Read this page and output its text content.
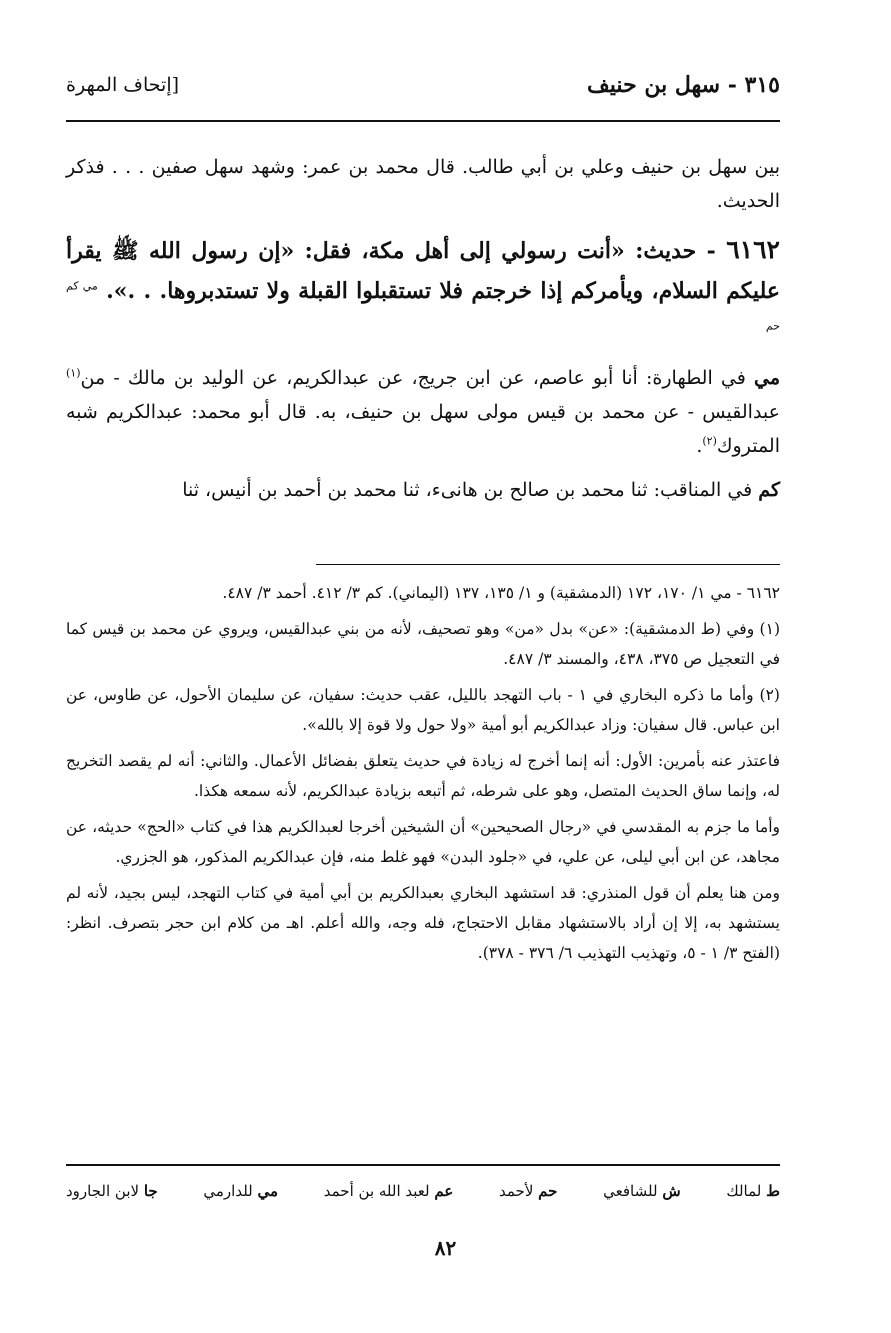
٣١٥ - سهل بن حنيف
[إتحاف المهرة

بين سهل بن حنيف وعلي بن أبي طالب. قال محمد بن عمر: وشهد سهل صفين . . . فذكر الحديث.

٦١٦٢ - حديث: «أنت رسولي إلى أهل مكة، فقل: «إن رسول الله ﷺ يقرأ عليكم السلام، ويأمركم إذا خرجتم فلا تستقبلوا القبلة ولا تستدبروها. . .». $^{مي كم حم}$

مي في الطهارة: أنا أبو عاصم، عن ابن جريج، عن عبدالكريم، عن الوليد بن مالك - من$^{(١)}$ عبدالقيس - عن محمد بن قيس مولى سهل بن حنيف، به. قال أبو محمد: عبدالكريم شبه المتروك$^{(٢)}$.

كم في المناقب: ثنا محمد بن صالح بن هانىء، ثنا محمد بن أحمد بن أنيس، ثنا

٦١٦٢ - مي ١/ ١٧٠، ١٧٢ (الدمشقية) و ١/ ١٣٥، ١٣٧ (اليماني). كم ٣/ ٤١٢. أحمد ٣/ ٤٨٧.

(١) وفي (ط الدمشقية): «عن» بدل «من» وهو تصحيف، لأنه من بني عبدالقيس، ويروي عن محمد بن قيس كما في التعجيل ص ٣٧٥، ٤٣٨، والمسند ٣/ ٤٨٧.

(٢) وأما ما ذكره البخاري في ١ - باب التهجد بالليل، عقب حديث: سفيان، عن سليمان الأحول، عن طاوس، عن ابن عباس. قال سفيان: وزاد عبدالكريم أبو أمية «ولا حول ولا قوة إلا بالله».

فاعتذر عنه بأمرين: الأول: أنه إنما أخرج له زيادة في حديث يتعلق بفضائل الأعمال. والثاني: أنه لم يقصد التخريج له، وإنما ساق الحديث المتصل، وهو على شرطه، ثم أتبعه بزيادة عبدالكريم، لأنه سمعه هكذا.

وأما ما جزم به المقدسي في «رجال الصحيحين» أن الشيخين أخرجا لعبدالكريم هذا في كتاب «الحج» حديثه، عن مجاهد، عن ابن أبي ليلى، عن علي، في «جلود البدن» فهو غلط منه، فإن عبدالكريم المذكور، هو الجزري.

ومن هنا يعلم أن قول المنذري: قد استشهد البخاري بعبدالكريم بن أبي أمية في كتاب التهجد، ليس بجيد، لأنه لم يستشهد به، إلا إن أراد بالاستشهاد مقابل الاحتجاج، فله وجه، والله أعلم. اهـ من كلام ابن حجر بتصرف. انظر: (الفتح ٣/ ١ - ٥، وتهذيب التهذيب ٦/ ٣٧٦ - ٣٧٨).

ط لمالك
ش للشافعي
حم لأحمد
عم لعبد الله بن أحمد
مي للدارمي
جا لابن الجارود
٨٢
